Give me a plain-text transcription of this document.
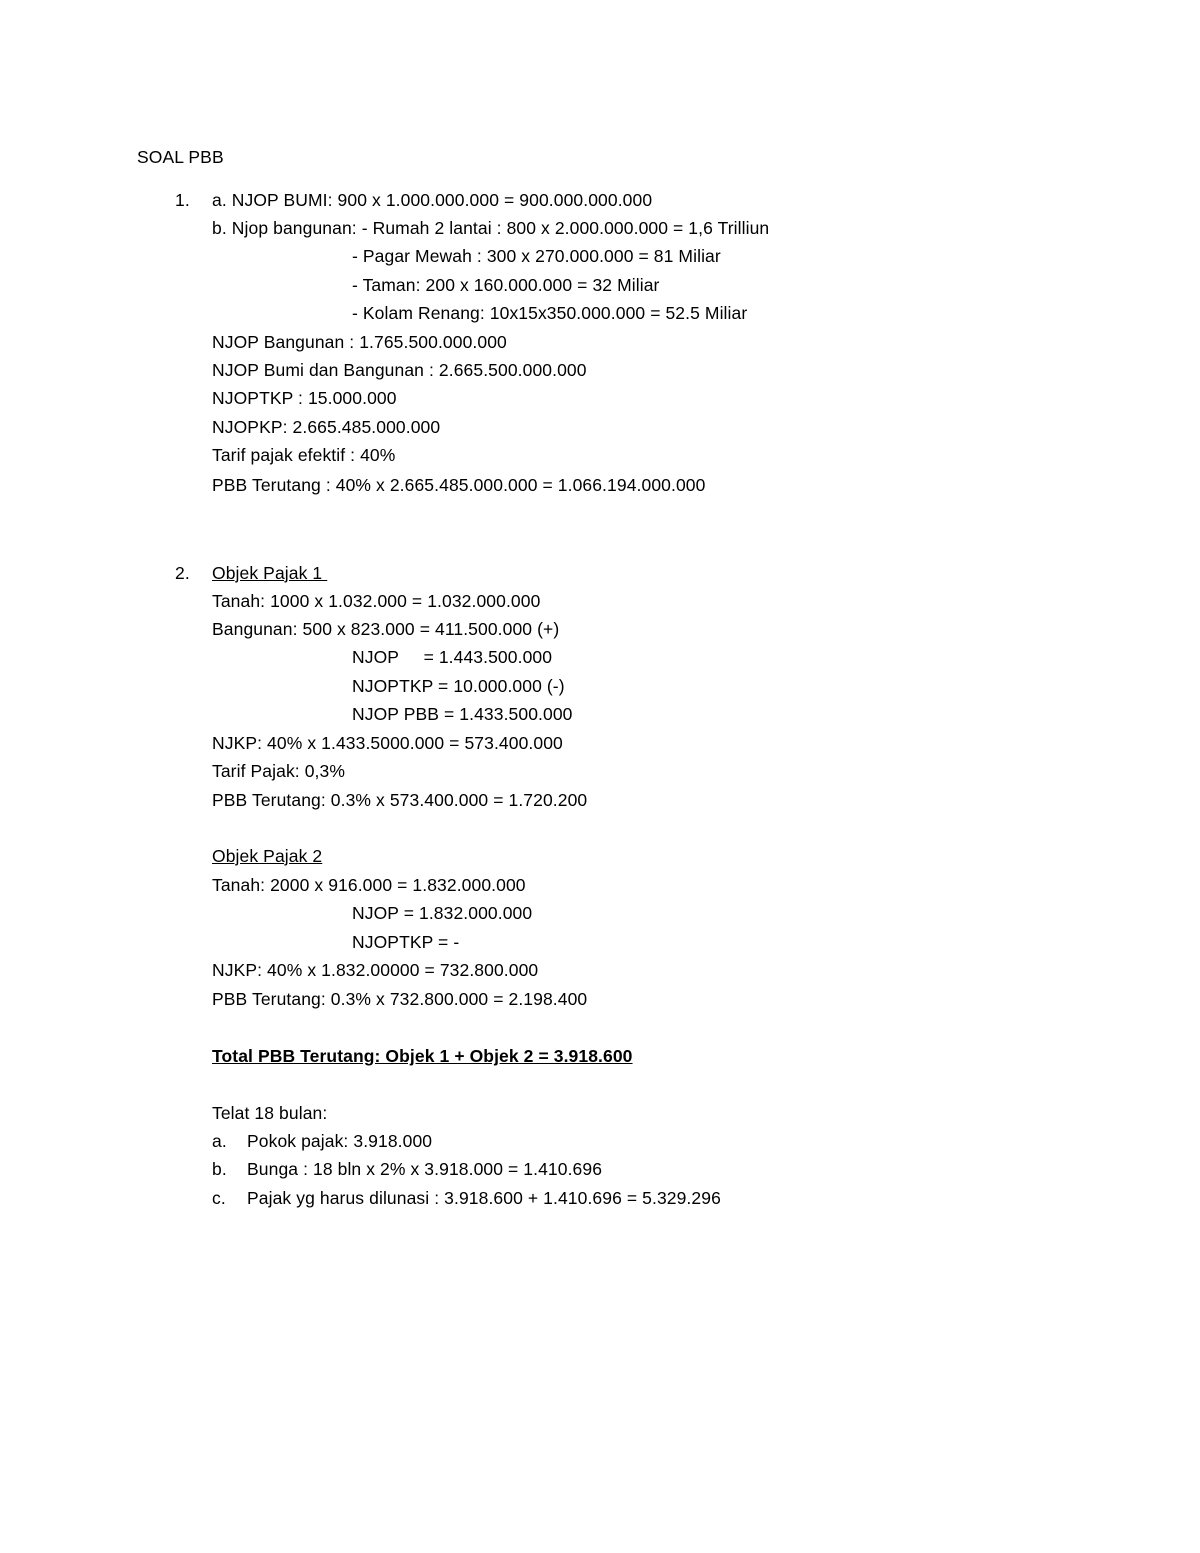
SOAL PBB
1. a. NJOP BUMI: 900 x 1.000.000.000 = 900.000.000.000
b. Njop bangunan: - Rumah 2 lantai : 800 x 2.000.000.000 = 1,6 Trilliun
- Pagar Mewah : 300 x 270.000.000 = 81 Miliar
- Taman: 200 x 160.000.000 = 32 Miliar
- Kolam Renang: 10x15x350.000.000 = 52.5 Miliar
NJOP Bangunan : 1.765.500.000.000
NJOP Bumi dan Bangunan : 2.665.500.000.000
NJOPTKP : 15.000.000
NJOPKP: 2.665.485.000.000
Tarif pajak efektif : 40%
PBB Terutang : 40% x 2.665.485.000.000 = 1.066.194.000.000
2. Objek Pajak 1
Tanah: 1000 x 1.032.000 = 1.032.000.000
Bangunan: 500 x 823.000 = 411.500.000 (+)
NJOP     = 1.443.500.000
NJOPTKP = 10.000.000 (-)
NJOP PBB = 1.433.500.000
NJKP: 40% x 1.433.5000.000 = 573.400.000
Tarif Pajak: 0,3%
PBB Terutang: 0.3% x 573.400.000 = 1.720.200
Objek Pajak 2
Tanah: 2000 x 916.000 = 1.832.000.000
NJOP = 1.832.000.000
NJOPTKP = -
NJKP: 40% x 1.832.00000 = 732.800.000
PBB Terutang: 0.3% x 732.800.000 = 2.198.400
Total PBB Terutang: Objek 1 + Objek 2 = 3.918.600
Telat 18 bulan:
a. Pokok pajak: 3.918.000
b. Bunga : 18 bln x 2% x 3.918.000 = 1.410.696
c. Pajak yg harus dilunasi : 3.918.600 + 1.410.696 = 5.329.296
